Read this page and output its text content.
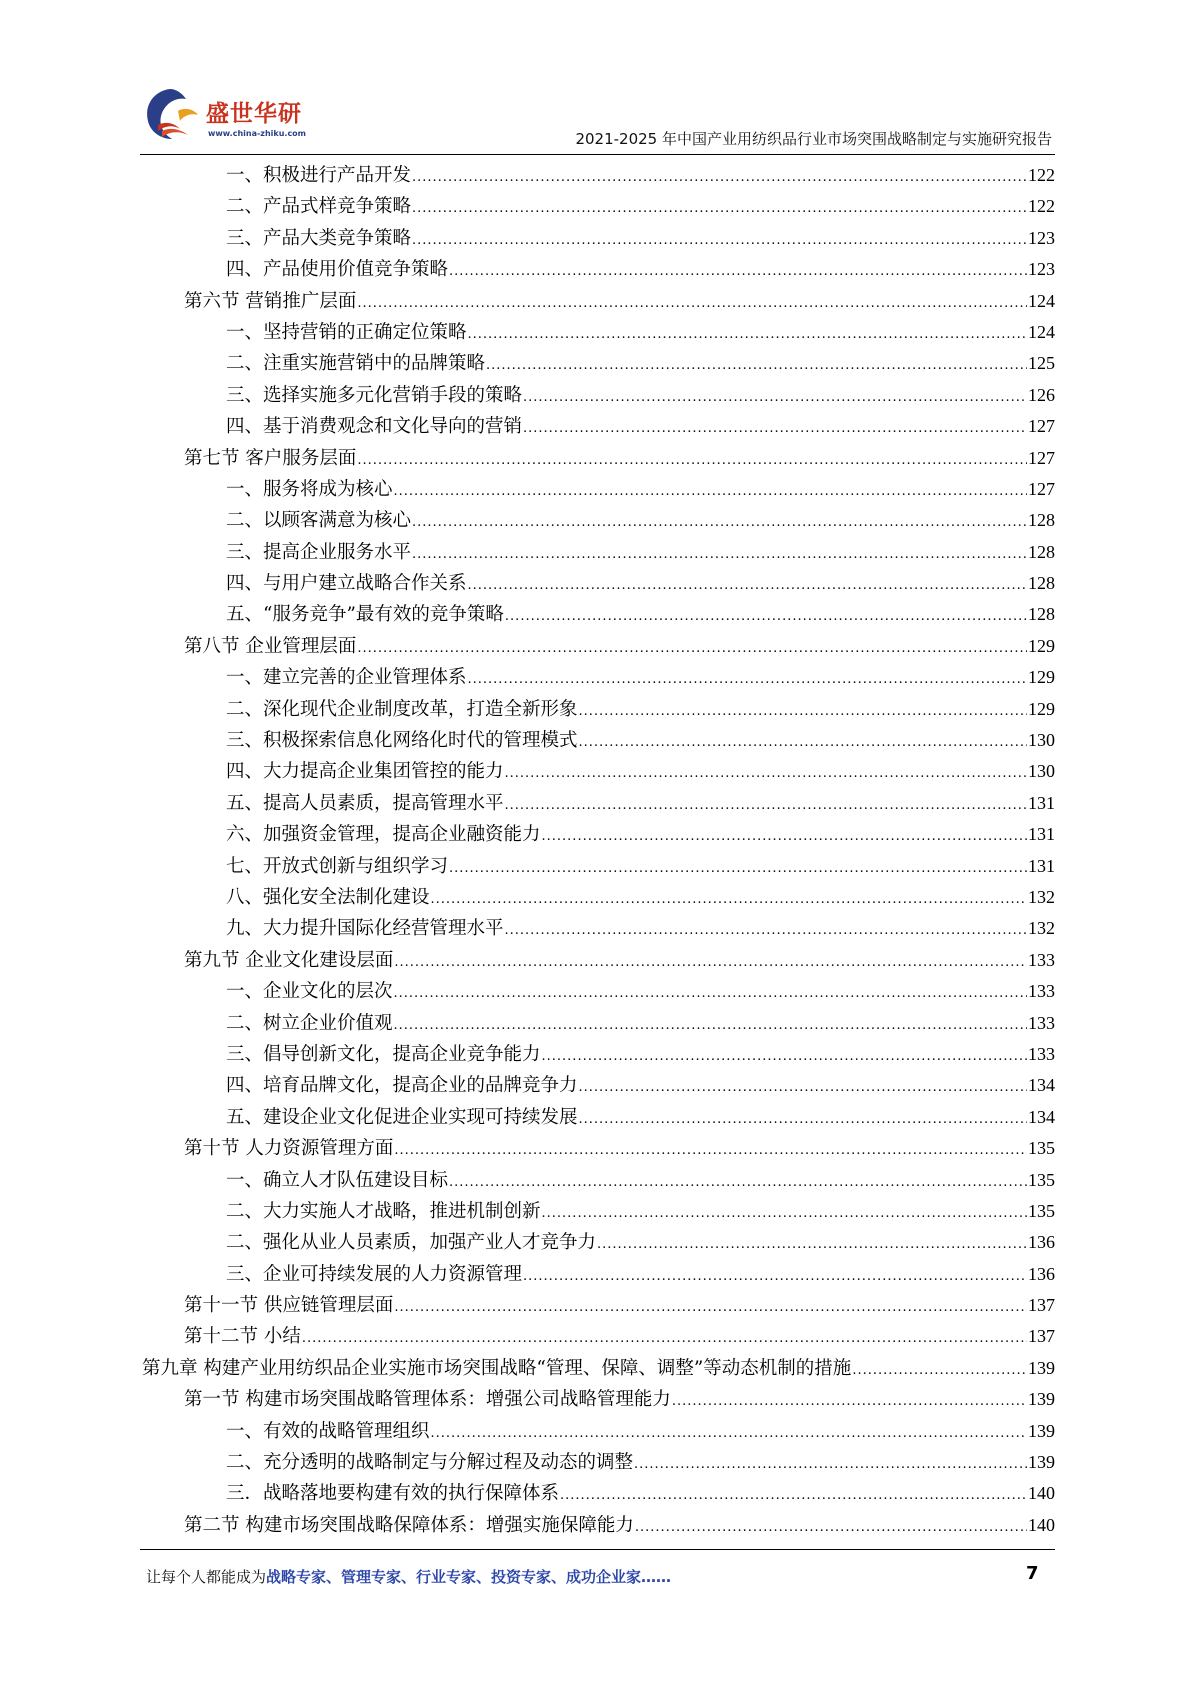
盛世华研
www.china-zhiku.com	2021-2025 年中国产业用纺织品行业市场突围战略制定与实施研究报告
一、积极进行产品开发 .....	122
二、产品式样竞争策略 .....	122
三、产品大类竞争策略 .....	123
四、产品使用价值竞争策略 .....	123
第六节 营销推广层面 .....	124
一、坚持营销的正确定位策略 .....	124
二、注重实施营销中的品牌策略 .....	125
三、选择实施多元化营销手段的策略 .....	126
四、基于消费观念和文化导向的营销 .....	127
第七节 客户服务层面 .....	127
一、服务将成为核心 .....	127
二、以顾客满意为核心 .....	128
三、提高企业服务水平 .....	128
四、与用户建立战略合作关系 .....	128
五、“服务竞争”最有效的竞争策略 .....	128
第八节 企业管理层面 .....	129
一、建立完善的企业管理体系 .....	129
二、深化现代企业制度改革，打造全新形象 .....	129
三、积极探索信息化网络化时代的管理模式 .....	130
四、大力提高企业集团管控的能力 .....	130
五、提高人员素质，提高管理水平 .....	131
六、加强资金管理，提高企业融资能力 .....	131
七、开放式创新与组织学习 .....	131
八、强化安全法制化建设 .....	132
九、大力提升国际化经营管理水平 .....	132
第九节 企业文化建设层面 .....	133
一、企业文化的层次 .....	133
二、树立企业价值观 .....	133
三、倡导创新文化，提高企业竞争能力 .....	133
四、培育品牌文化，提高企业的品牌竞争力 .....	134
五、建设企业文化促进企业实现可持续发展 .....	134
第十节 人力资源管理方面 .....	135
一、确立人才队伍建设目标 .....	135
二、大力实施人才战略，推进机制创新 .....	135
二、强化从业人员素质，加强产业人才竞争力 .....	136
三、企业可持续发展的人力资源管理 .....	136
第十一节 供应链管理层面 .....	137
第十二节 小结 .....	137
第九章 构建产业用纺织品企业实施市场突围战略“管理、保障、调整”等动态机制的措施 .....	139
第一节 构建市场突围战略管理体系：增强公司战略管理能力 .....	139
一、有效的战略管理组织 .....	139
二、充分透明的战略制定与分解过程及动态的调整 .....	139
三．战略落地要构建有效的执行保障体系 .....	140
第二节 构建市场突围战略保障体系：增强实施保障能力 .....	140
让每个人都能成为战略专家、管理专家、行业专家、投资专家、成功企业家……	7
